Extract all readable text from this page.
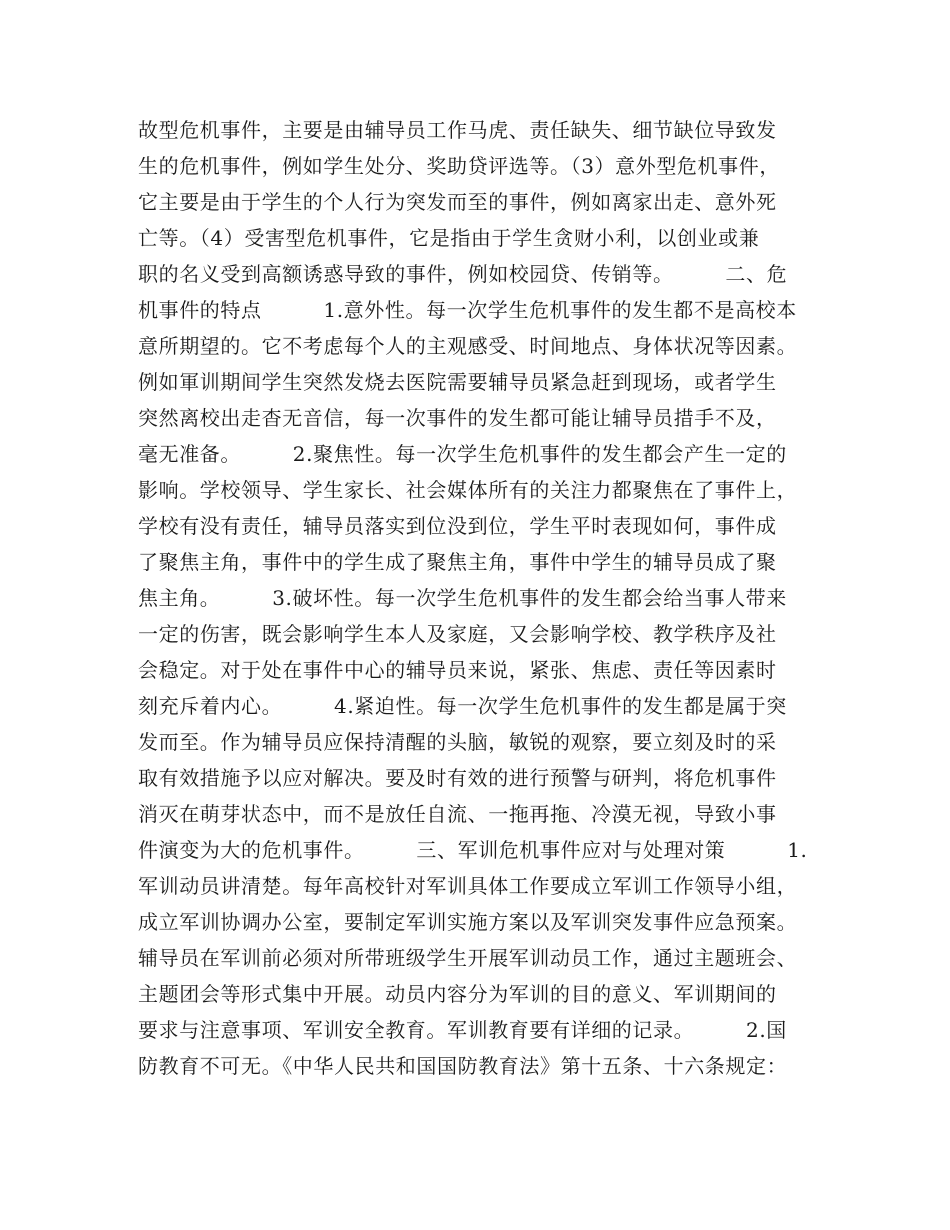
故型危机事件，主要是由辅导员工作马虎、责任缺失、细节缺位导致发
生的危机事件，例如学生处分、奖助贷评选等。（3）意外型危机事件，
它主要是由于学生的个人行为突发而至的事件，例如离家出走、意外死
亡等。（4）受害型危机事件，它是指由于学生贪财小利，以创业或兼
职的名义受到高额诱惑导致的事件，例如校园贷、传销等。　　　二、危
机事件的特点　　　1.意外性。每一次学生危机事件的发生都不是高校本
意所期望的。它不考虑每个人的主观感受、时间地点、身体状况等因素。
例如軍训期间学生突然发烧去医院需要辅导员紧急赶到现场，或者学生
突然离校出走杳无音信，每一次事件的发生都可能让辅导员措手不及，
毫无准备。　　　2.聚焦性。每一次学生危机事件的发生都会产生一定的
影响。学校领导、学生家长、社会媒体所有的关注力都聚焦在了事件上，
学校有没有责任，辅导员落实到位没到位，学生平时表现如何，事件成
了聚焦主角，事件中的学生成了聚焦主角，事件中学生的辅导员成了聚
焦主角。　　　3.破坏性。每一次学生危机事件的发生都会给当事人带来
一定的伤害，既会影响学生本人及家庭，又会影响学校、教学秩序及社
会稳定。对于处在事件中心的辅导员来说，紧张、焦虑、责任等因素时
刻充斥着内心。　　　4.紧迫性。每一次学生危机事件的发生都是属于突
发而至。作为辅导员应保持清醒的头脑，敏锐的观察，要立刻及时的采
取有效措施予以应对解决。要及时有效的进行预警与研判，将危机事件
消灭在萌芽状态中，而不是放任自流、一拖再拖、冷漠无视，导致小事
件演变为大的危机事件。　　　三、军训危机事件应对与处理对策　　　1.
军训动员讲清楚。每年高校针对军训具体工作要成立军训工作领导小组，
成立军训协调办公室，要制定军训实施方案以及军训突发事件应急预案。
辅导员在军训前必须对所带班级学生开展军训动员工作，通过主题班会、
主题团会等形式集中开展。动员内容分为军训的目的意义、军训期间的
要求与注意事项、军训安全教育。军训教育要有详细的记录。　　　2.国
防教育不可无。《中华人民共和国国防教育法》第十五条、十六条规定：
